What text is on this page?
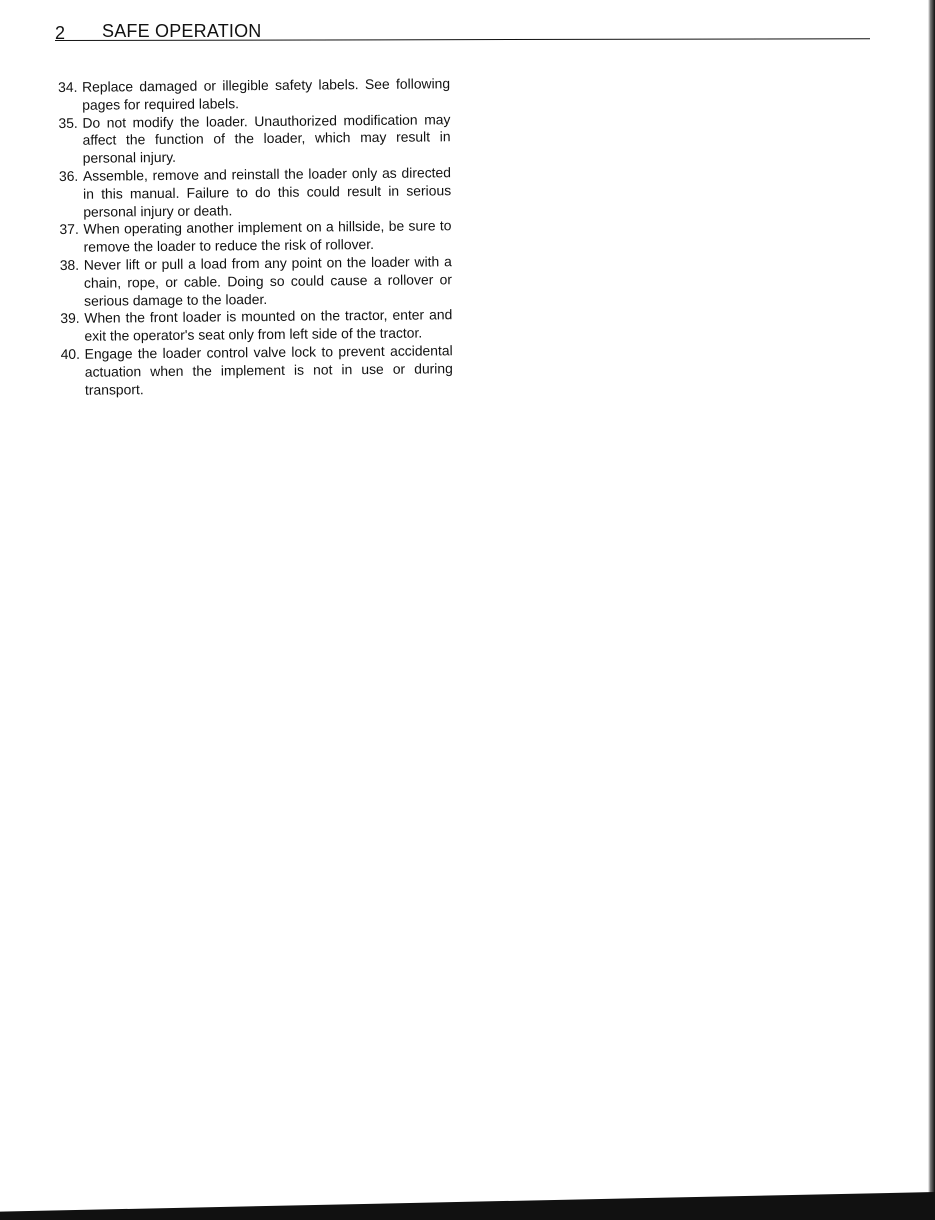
2 SAFE OPERATION
34. Replace damaged or illegible safety labels. See following pages for required labels.
35. Do not modify the loader. Unauthorized modification may affect the function of the loader, which may result in personal injury.
36. Assemble, remove and reinstall the loader only as directed in this manual. Failure to do this could result in serious personal injury or death.
37. When operating another implement on a hillside, be sure to remove the loader to reduce the risk of rollover.
38. Never lift or pull a load from any point on the loader with a chain, rope, or cable. Doing so could cause a rollover or serious damage to the loader.
39. When the front loader is mounted on the tractor, enter and exit the operator's seat only from left side of the tractor.
40. Engage the loader control valve lock to prevent accidental actuation when the implement is not in use or during transport.
